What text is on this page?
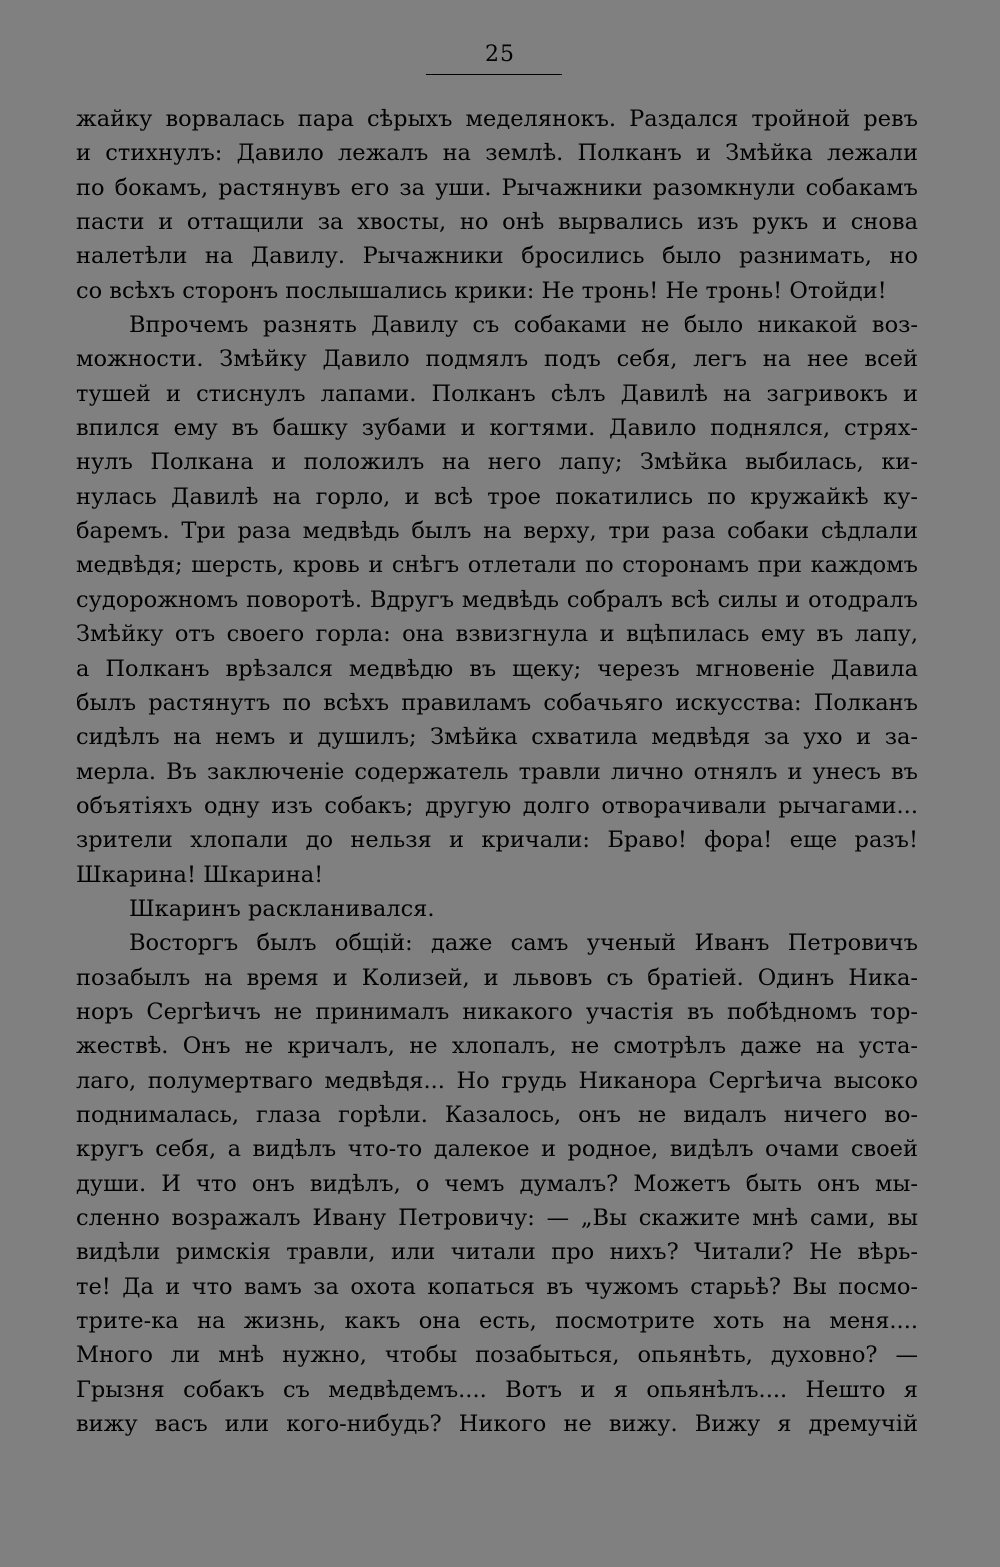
25
жайку ворвалась пара сѣрыхъ меделянокъ. Раздался тройной ревъ
и стихнулъ: Давило лежалъ на землѣ. Полканъ и Змѣйка лежали
по бокамъ, растянувъ его за уши. Рычажники разомкнули собакамъ
пасти и оттащили за хвосты, но онѣ вырвались изъ рукъ и снова
налетѣли на Давилу. Рычажники бросились было разнимать, но
со всѣхъ сторонъ послышались крики: Не тронь! Не тронь! Отойди!
Впрочемъ разнять Давилу съ собаками не было никакой воз-
можности. Змѣйку Давило подмялъ подъ себя, легъ на нее всей
тушей и стиснулъ лапами. Полканъ сѣлъ Давилѣ на загривокъ и
впился ему въ башку зубами и когтями. Давило поднялся, стрях-
нулъ Полкана и положилъ на него лапу; Змѣйка выбилась, ки-
нулась Давилѣ на горло, и всѣ трое покатились по кружайкѣ ку-
баремъ. Три раза медвѣдь былъ на верху, три раза собаки сѣдлали
медвѣдя; шерсть, кровь и снѣгъ отлетали по сторонамъ при каждомъ
судорожномъ поворотѣ. Вдругъ медвѣдь собралъ всѣ силы и отодралъ
Змѣйку отъ своего горла: она взвизгнула и вцѣпилась ему въ лапу,
а Полканъ врѣзался медвѣдю въ щеку; черезъ мгновеніе Давила
былъ растянутъ по всѣхъ правиламъ собачьяго искусства: Полканъ
сидѣлъ на немъ и душилъ; Змѣйка схватила медвѣдя за ухо и за-
мерла. Въ заключеніе содержатель травли лично отнялъ и унесъ въ
объятіяхъ одну изъ собакъ; другую долго отворачивали рычагами...
зрители хлопали до нельзя и кричали: Браво! фора! еще разъ!
Шкарина! Шкарина!
Шкаринъ раскланивался.
Восторгъ былъ общій: даже самъ ученый Иванъ Петровичъ
позабылъ на время и Колизей, и львовъ съ братіей. Одинъ Ника-
норъ Сергѣичъ не принималъ никакого участія въ побѣдномъ тор-
жествѣ. Онъ не кричалъ, не хлопалъ, не смотрѣлъ даже на уста-
лаго, полумертваго медвѣдя... Но грудь Никанора Сергѣича высоко
поднималась, глаза горѣли. Казалось, онъ не видалъ ничего во-
кругъ себя, а видѣлъ что-то далекое и родное, видѣлъ очами своей
души. И что онъ видѣлъ, о чемъ думалъ? Можетъ быть онъ мы-
сленно возражалъ Ивану Петровичу: — „Вы скажите мнѣ сами, вы
видѣли римскія травли, или читали про нихъ? Читали? Не вѣрь-
те! Да и что вамъ за охота копаться въ чужомъ старьѣ? Вы посмо-
трите-ка на жизнь, какъ она есть, посмотрите хоть на меня....
Много ли мнѣ нужно, чтобы позабыться, опьянѣть, духовно? —
Грызня собакъ съ медвѣдемъ.... Вотъ и я опьянѣлъ.... Нешто я
вижу васъ или кого-нибудь? Никого не вижу. Вижу я дремучій
